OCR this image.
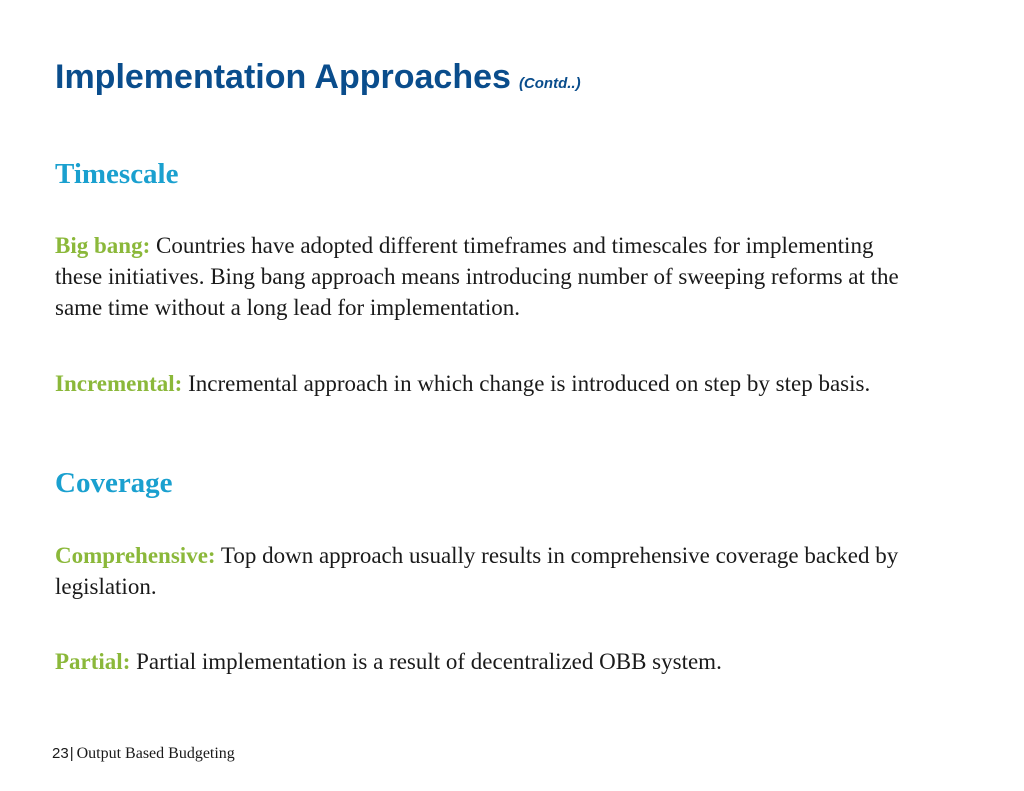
Implementation Approaches (Contd..)
Timescale

Big bang: Countries have adopted different timeframes and timescales for implementing these initiatives. Bing bang approach means introducing number of sweeping reforms at the same time without a long lead for implementation.

Incremental: Incremental approach in which change is introduced on step by step basis.

Coverage

Comprehensive: Top down approach usually results in comprehensive coverage backed by legislation.

Partial: Partial implementation is a result of decentralized OBB system.

23| Output Based Budgeting
